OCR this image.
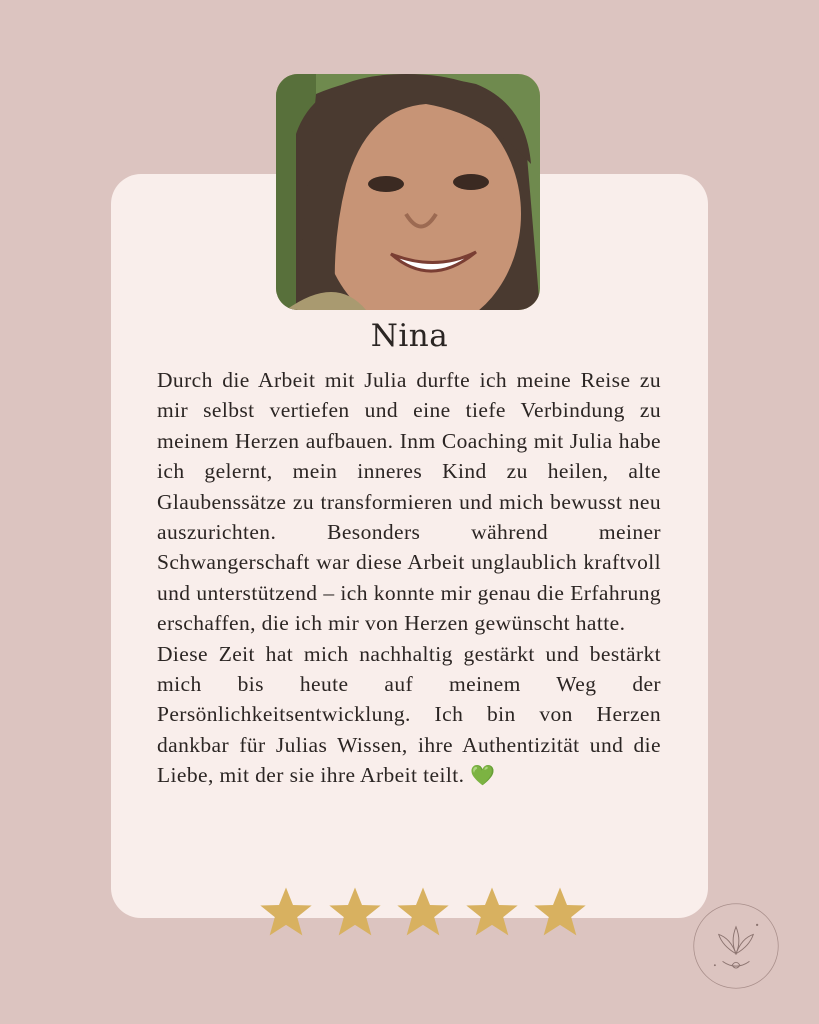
Nina

Durch die Arbeit mit Julia durfte ich meine Reise zu mir selbst vertiefen und eine tiefe Verbindung zu meinem Herzen aufbauen. Inm Coaching mit Julia habe ich gelernt, mein inneres Kind zu heilen, alte Glaubenssätze zu transformieren und mich bewusst neu auszurichten. Besonders während meiner Schwangerschaft war diese Arbeit unglaublich kraftvoll und unterstützend – ich konnte mir genau die Erfahrung erschaffen, die ich mir von Herzen gewünscht hatte.

Diese Zeit hat mich nachhaltig gestärkt und bestärkt mich bis heute auf meinem Weg der Persönlichkeitsentwicklung. Ich bin von Herzen dankbar für Julias Wissen, ihre Authentizität und die Liebe, mit der sie ihre Arbeit teilt. 💚
